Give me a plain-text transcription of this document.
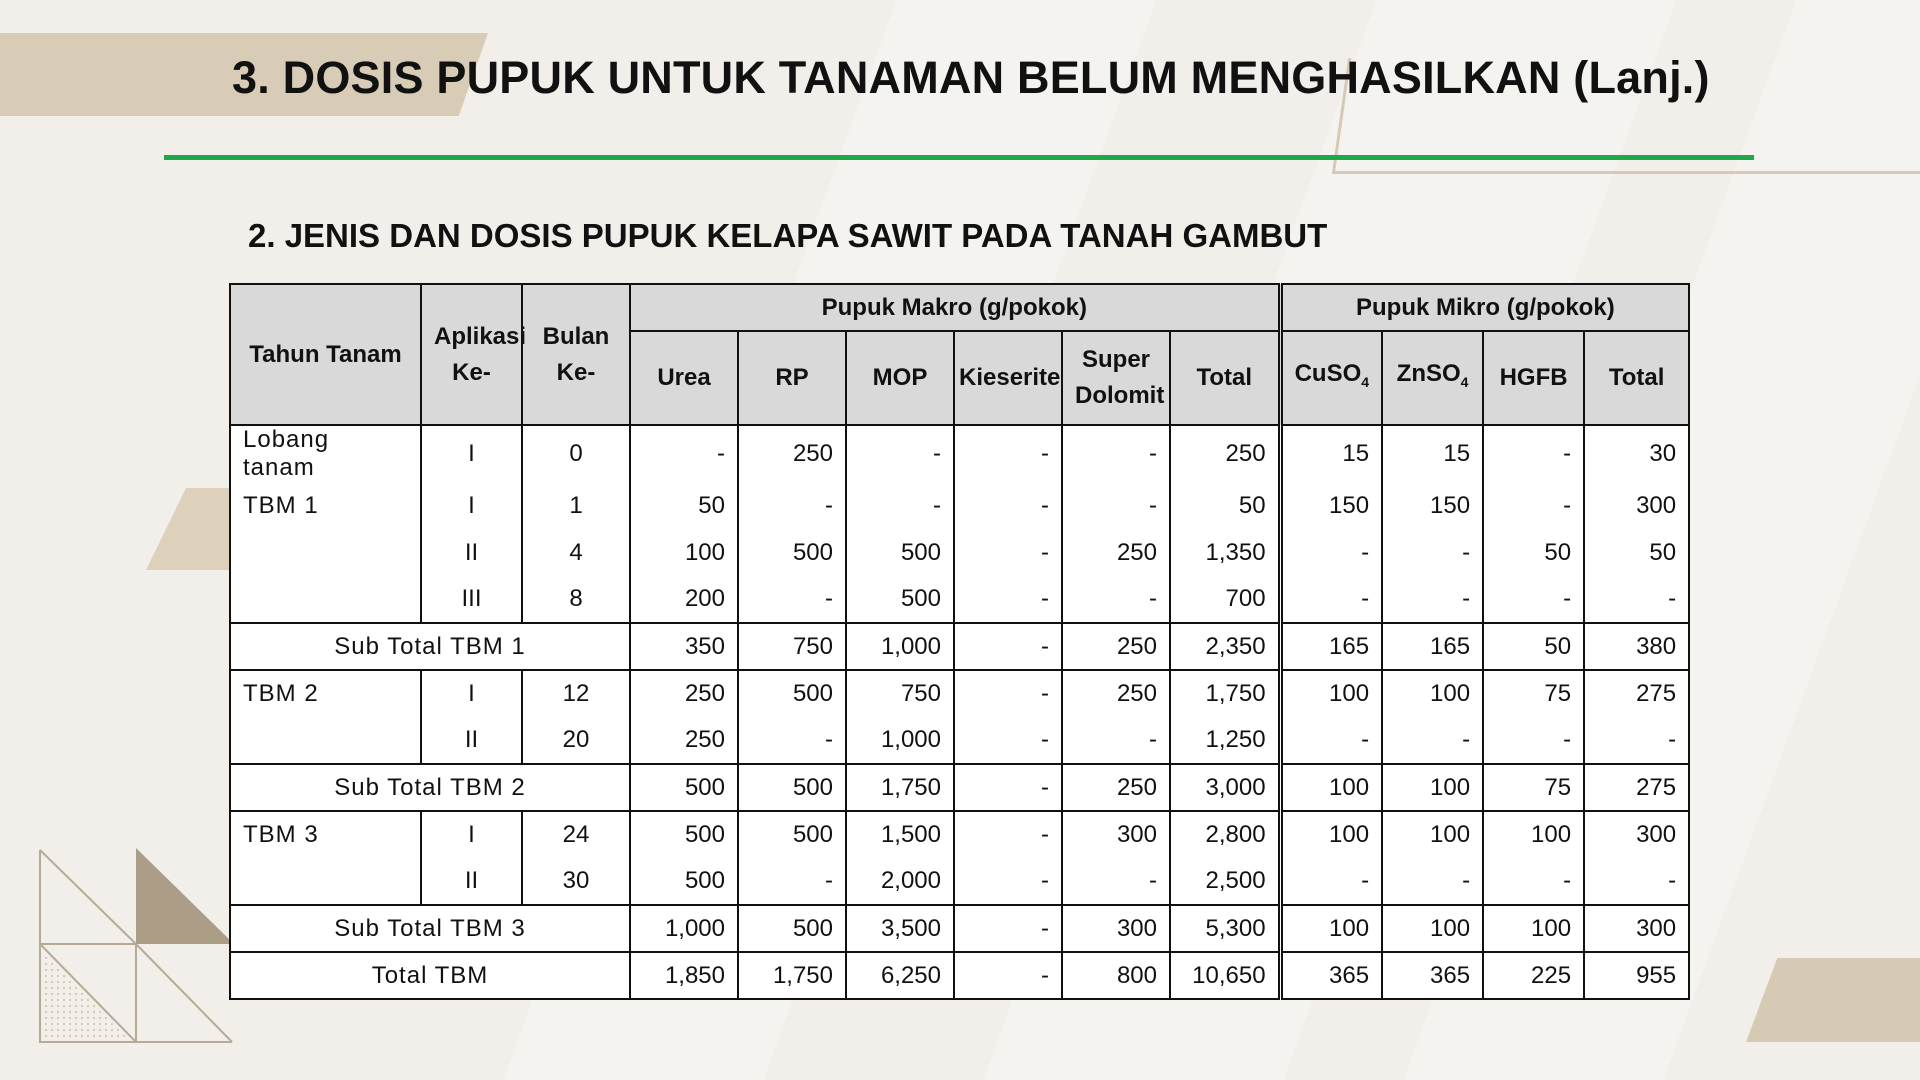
3. DOSIS PUPUK UNTUK TANAMAN BELUM MENGHASILKAN (Lanj.)
2. JENIS DAN DOSIS PUPUK KELAPA SAWIT PADA TANAH GAMBUT
Tahun Tanam	Aplikasi Ke-	Bulan Ke-	Pupuk Makro (g/pokok)						Pupuk Mikro (g/pokok)			
			Urea	RP	MOP	Kieserite	Super Dolomit	Total	CuSO$_4$	ZnSO$_4$	HGFB	Total
Lobang tanam	I	0	-	250	-	-	-	250	15	15	-	30
TBM 1	I	1	50	-	-	-	-	50	150	150	-	300
	II	4	100	500	500	-	250	1,350	-	-	50	50
	III	8	200	-	500	-	-	700	-	-	-	-
Sub Total TBM 1			350	750	1,000	-	250	2,350	165	165	50	380
TBM 2	I	12	250	500	750	-	250	1,750	100	100	75	275
	II	20	250	-	1,000	-	-	1,250	-	-	-	-
Sub Total TBM 2			500	500	1,750	-	250	3,000	100	100	75	275
TBM 3	I	24	500	500	1,500	-	300	2,800	100	100	100	300
	II	30	500	-	2,000	-	-	2,500	-	-	-	-
Sub Total TBM 3			1,000	500	3,500	-	300	5,300	100	100	100	300
Total TBM			1,850	1,750	6,250	-	800	10,650	365	365	225	955
